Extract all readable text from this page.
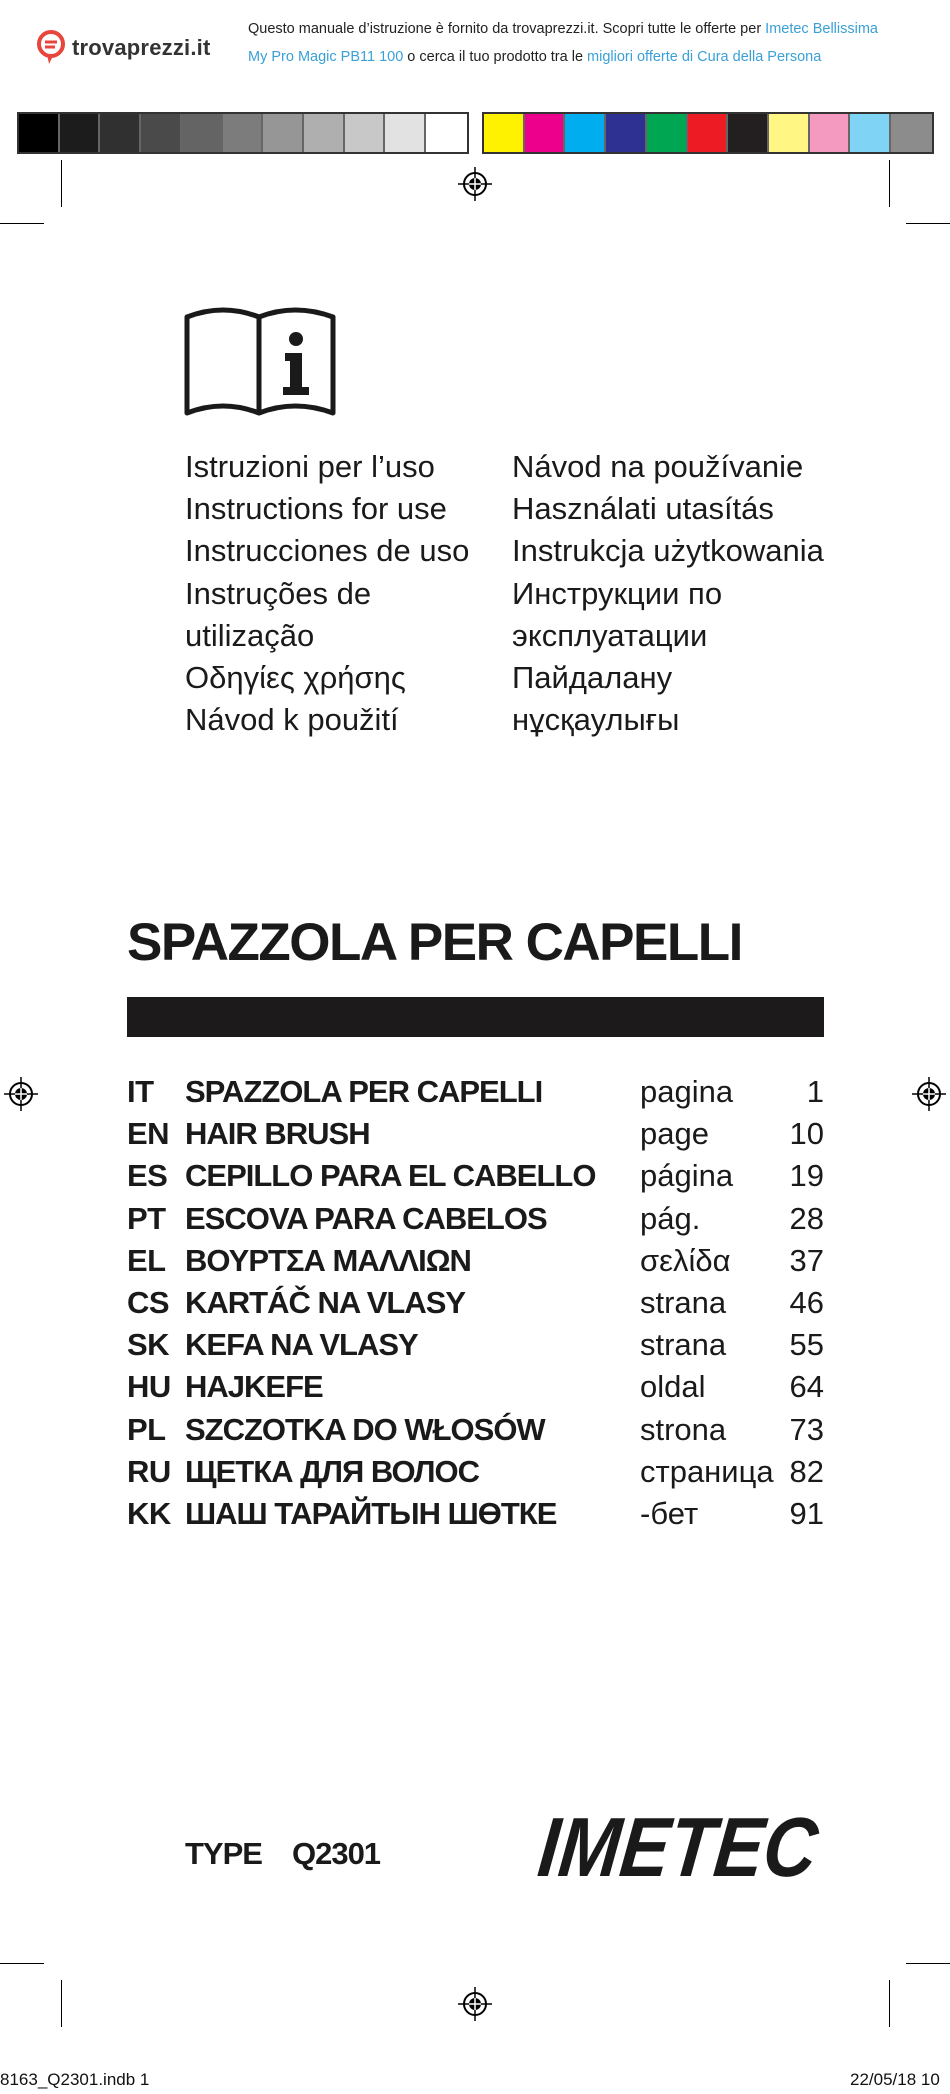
trovaprezzi.it
Questo manuale d’istruzione è fornito da trovaprezzi.it. Scopri tutte le offerte per Imetec Bellissima
My Pro Magic PB11 100 o cerca il tuo prodotto tra le migliori offerte di Cura della Persona
Istruzioni per l’uso
Instructions for use
Instrucciones de uso
Instruções de
utilização
Οδηγίες χρήσης
Návod k použití
Návod na používanie
Használati utasítás
Instrukcja użytkowania
Инструкции по
эксплуатации
Пайдалану
нұсқаулығы
SPAZZOLA PER CAPELLI
IT SPAZZOLA PER CAPELLI	pagina 1
EN HAIR BRUSH	page	10
ES CEPILLO PARA EL CABELLO página 19
PT ESCOVA PARA CABELOS	pág.	28
EL ΒΟΥΡΤΣΑ ΜΑΛΛΙΩΝ	σελίδα 37
CS KARTÁČ NA VLASY	strana 46
SK KEFA NA VLASY	strana 55
HU HAJKEFE	oldal	64
PL SZCZOTKA DO WŁOSÓW	strona 73
RU ЩЕТКА ДЛЯ ВОЛОС	страница 82
KK ШАШ ТАРАЙТЫН ШӨТКЕ	-бет	91
TYPE Q2301 IMETEC
8163_Q2301.indb 1	22/05/18 10
